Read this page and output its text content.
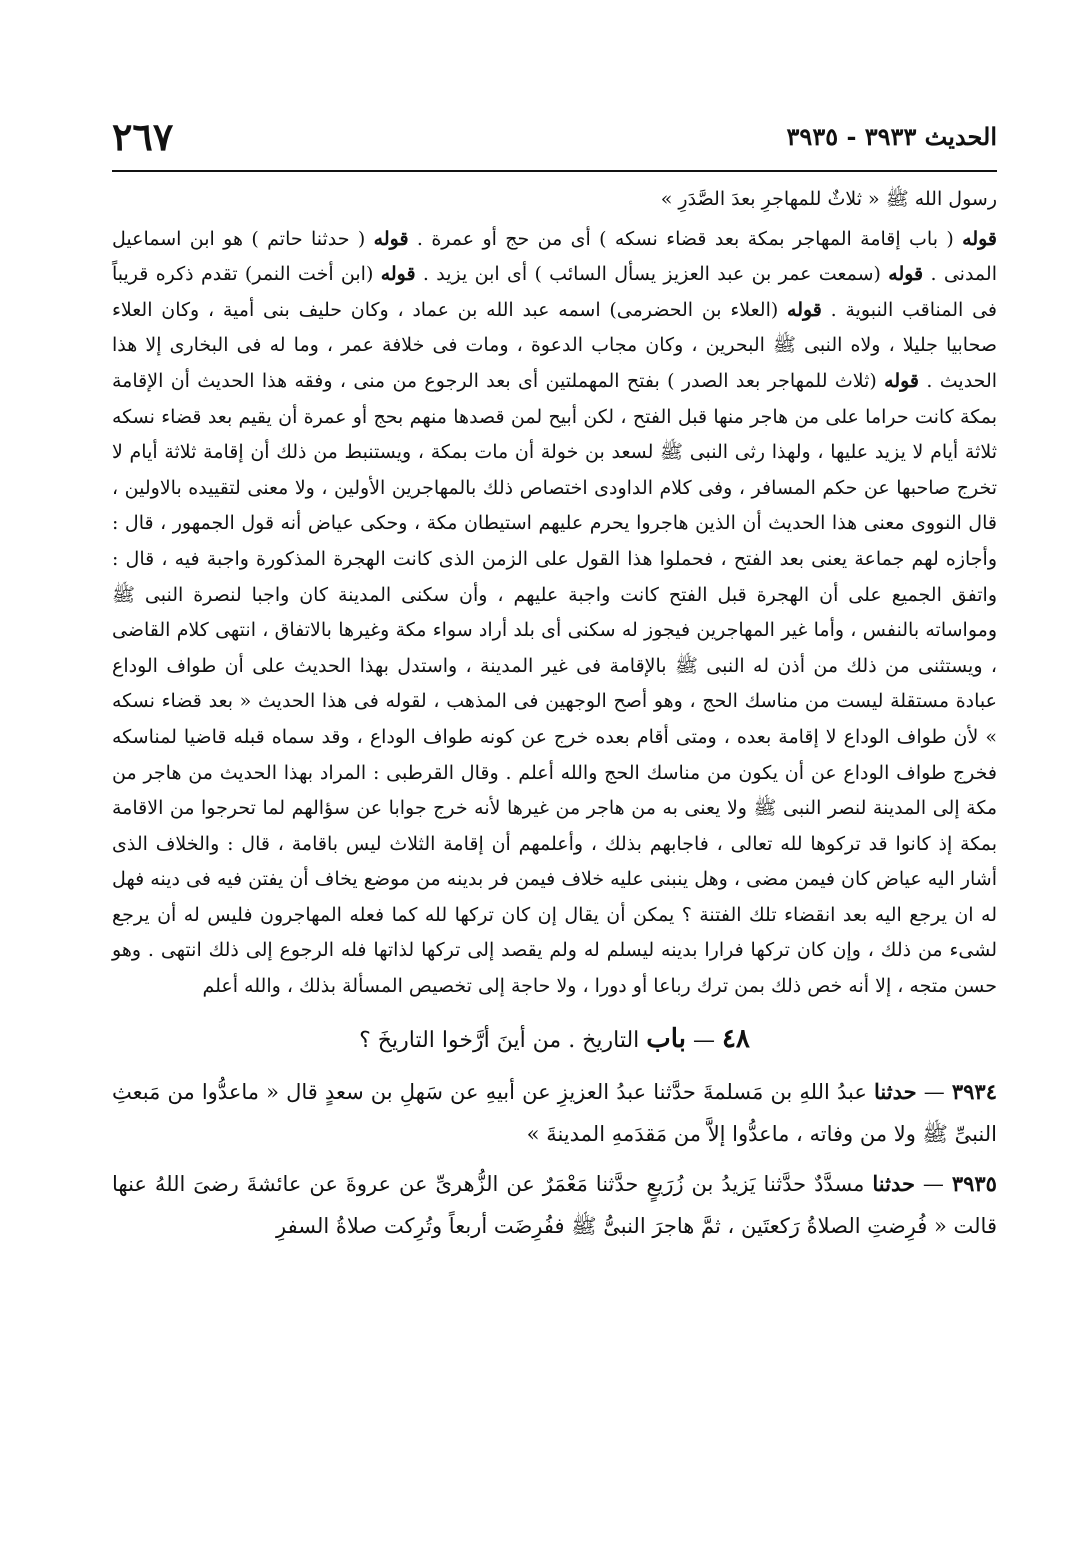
٢٦٧	الحديث ٣٩٣٣ - ٣٩٣٥

رسول الله ﷺ « ثلاثٌ للمهاجرِ بعدَ الصَّدَرِ »

قوله ( باب إقامة المهاجر بمكة بعد قضاء نسكه ) أى من حج أو عمرة . قوله ( حدثنا حاتم ) هو ابن اسماعيل المدنى . قوله (سمعت عمر بن عبد العزيز يسأل السائب ) أى ابن يزيد . قوله (ابن أخت النمر) تقدم ذكره قريباً فى المناقب النبوية . قوله (العلاء بن الحضرمى) اسمه عبد الله بن عماد ، وكان حليف بنى أمية ، وكان العلاء صحابيا جليلا ، ولاه النبى ﷺ البحرين ، وكان مجاب الدعوة ، ومات فى خلافة عمر ، وما له فى البخارى إلا هذا الحديث . قوله (ثلاث للمهاجر بعد الصدر ) بفتح المهملتين أى بعد الرجوع من منى ، وفقه هذا الحديث أن الإقامة بمكة كانت حراما على من هاجر منها قبل الفتح ، لكن أبيح لمن قصدها منهم بحج أو عمرة أن يقيم بعد قضاء نسكه ثلاثة أيام لا يزيد عليها ، ولهذا رثى النبى ﷺ لسعد بن خولة أن مات بمكة ، ويستنبط من ذلك أن إقامة ثلاثة أيام لا تخرج صاحبها عن حكم المسافر ، وفى كلام الداودى اختصاص ذلك بالمهاجرين الأولين ، ولا معنى لتقييده بالاولين ، قال النووى معنى هذا الحديث أن الذين هاجروا يحرم عليهم استيطان مكة ، وحكى عياض أنه قول الجمهور ، قال : وأجازه لهم جماعة يعنى بعد الفتح ، فحملوا هذا القول على الزمن الذى كانت الهجرة المذكورة واجبة فيه ، قال : واتفق الجميع على أن الهجرة قبل الفتح كانت واجبة عليهم ، وأن سكنى المدينة كان واجبا لنصرة النبى ﷺ ومواساته بالنفس ، وأما غير المهاجرين فيجوز له سكنى أى بلد أراد سواء مكة وغيرها بالاتفاق ، انتهى كلام القاضى ، ويستثنى من ذلك من أذن له النبى ﷺ بالإقامة فى غير المدينة ، واستدل بهذا الحديث على أن طواف الوداع عبادة مستقلة ليست من مناسك الحج ، وهو أصح الوجهين فى المذهب ، لقوله فى هذا الحديث « بعد قضاء نسكه » لأن طواف الوداع لا إقامة بعده ، ومتى أقام بعده خرج عن كونه طواف الوداع ، وقد سماه قبله قاضيا لمناسكه فخرج طواف الوداع عن أن يكون من مناسك الحج والله أعلم . وقال القرطبى : المراد بهذا الحديث من هاجر من مكة إلى المدينة لنصر النبى ﷺ ولا يعنى به من هاجر من غيرها لأنه خرج جوابا عن سؤالهم لما تحرجوا من الاقامة بمكة إذ كانوا قد تركوها لله تعالى ، فاجابهم بذلك ، وأعلمهم أن إقامة الثلاث ليس باقامة ، قال : والخلاف الذى أشار اليه عياض كان فيمن مضى ، وهل ينبنى عليه خلاف فيمن فر بدينه من موضع يخاف أن يفتن فيه فى دينه فهل له ان يرجع اليه بعد انقضاء تلك الفتنة ؟ يمكن أن يقال إن كان تركها لله كما فعله المهاجرون فليس له أن يرجع لشىء من ذلك ، وإن كان تركها فرارا بدينه ليسلم له ولم يقصد إلى تركها لذاتها فله الرجوع إلى ذلك انتهى . وهو حسن متجه ، إلا أنه خص ذلك بمن ترك رباعا أو دورا ، ولا حاجة إلى تخصيص المسألة بذلك ، والله أعلم

٤٨ — باب التاريخ . من أينَ أرَّخوا التاريخَ ؟

٣٩٣٤ — حدثنا عبدُ اللهِ بن مَسلمةَ حدَّثنا عبدُ العزيزِ عن أبيهِ عن سَهلِ بن سعدٍ قال « ماعدُّوا من مَبعثِ النبىِّ ﷺ ولا من وفاته ، ماعدُّوا إلاَّ من مَقدَمهِ المدينةَ »

٣٩٣٥ — حدثنا مسدَّدٌ حدَّثنا يَزيدُ بن زُرَيعٍ حدَّثنا مَعْمَرٌ عن الزُّهرىِّ عن عروةَ عن عائشةَ رضىَ اللهُ عنها قالت « فُرِضتِ الصلاةُ رَكعتَين ، ثمَّ هاجرَ النبىُّ ﷺ ففُرِضَت أربعاً وتُرِكت صلاةُ السفرِ
